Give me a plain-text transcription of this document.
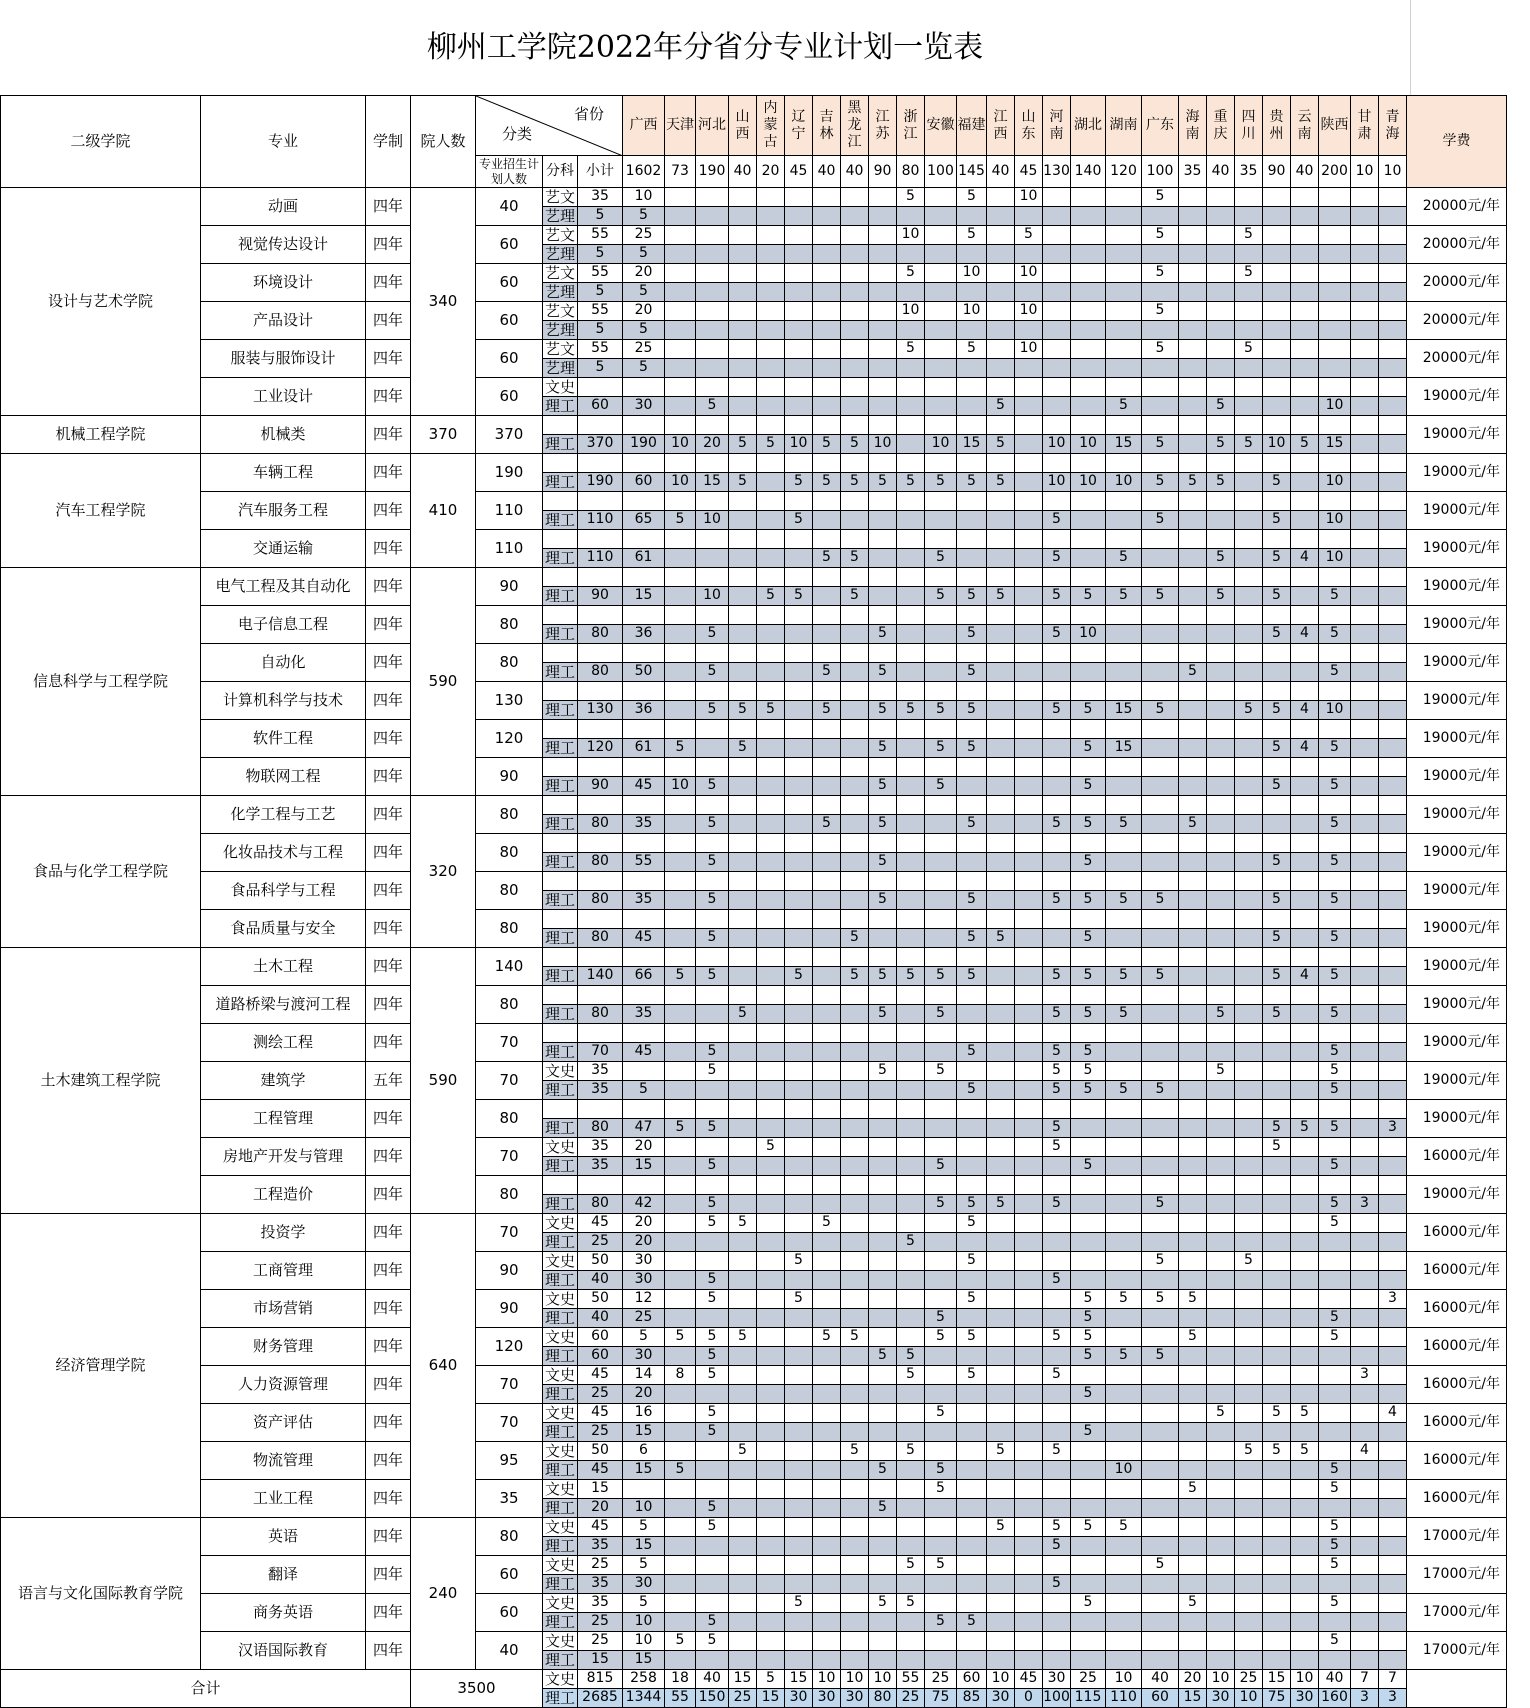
柳州工学院2022年分省分专业计划一览表
二级学院	专业	学制	院人数	省份
分类			广西	天津	河北	山西	内蒙古	辽宁	吉林	黑龙江	江苏	浙江	安徽	福建	江西	山东	河南	湖北	湖南	广东	海南	重庆	四川	贵州	云南	陕西	甘肃	青海	学费
				专业招生计划人数	分科	小计	1602	73	190	40	20	45	40	40	90	80	100	145	40	45	130	140	120	100	35	40	35	90	40	200	10	10	
设计与艺术学院	动画	四年	340	40	艺文	35	10									5		5		10				5									20000元/年
					艺理	5	5																										
	视觉传达设计	四年		60	艺文	55	25									10		5		5				5			5						20000元/年
					艺理	5	5																										
	环境设计	四年		60	艺文	55	20									5		10		10				5			5						20000元/年
					艺理	5	5																										
	产品设计	四年		60	艺文	55	20									10		10		10				5									20000元/年
					艺理	5	5																										
	服装与服饰设计	四年		60	艺文	55	25									5		5		10				5			5						20000元/年
					艺理	5	5																										
	工业设计	四年		60	文史																												19000元/年
					理工	60	30		5										5				5			5				10			
机械工程学院	机械类	四年	370	370																													19000元/年
					理工	370	190	10	20	5	5	10	5	5	10		10	15	5		10	10	15	5		5	5	10	5	15			
汽车工程学院	车辆工程	四年	410	190																													19000元/年
					理工	190	60	10	15	5		5	5	5	5	5	5	5	5		10	10	10	5	5	5		5		10			
	汽车服务工程	四年		110																													19000元/年
					理工	110	65	5	10			5									5			5				5		10			
	交通运输	四年		110																													19000元/年
					理工	110	61						5	5			5				5		5			5		5	4	10			
信息科学与工程学院	电气工程及其自动化	四年	590	90																													19000元/年
					理工	90	15		10		5	5		5			5	5	5		5	5	5	5		5		5		5			
	电子信息工程	四年		80																													19000元/年
					理工	80	36		5						5			5			5	10						5	4	5			
	自动化	四年		80																													19000元/年
					理工	80	50		5				5		5			5							5					5			
	计算机科学与技术	四年		130																													19000元/年
					理工	130	36		5	5	5		5		5	5	5	5			5	5	15	5			5	5	4	10			
	软件工程	四年		120																													19000元/年
					理工	120	61	5		5					5		5	5				5	15					5	4	5			
	物联网工程	四年		90																													19000元/年
					理工	90	45	10	5						5		5					5						5		5			
食品与化学工程学院	化学工程与工艺	四年	320	80																													19000元/年
					理工	80	35		5				5		5			5			5	5	5		5					5			
	化妆品技术与工程	四年		80																													19000元/年
					理工	80	55		5						5							5						5		5			
	食品科学与工程	四年		80																													19000元/年
					理工	80	35		5						5			5			5	5	5	5				5		5			
	食品质量与安全	四年		80																													19000元/年
					理工	80	45		5					5				5	5			5						5		5			
土木建筑工程学院	土木工程	四年	590	140																													19000元/年
					理工	140	66	5	5			5		5	5	5	5	5			5	5	5	5				5	4	5			
	道路桥梁与渡河工程	四年		80																													19000元/年
					理工	80	35			5					5		5				5	5	5			5		5		5			
	测绘工程	四年		70																													19000元/年
					理工	70	45		5									5			5	5								5			
	建筑学	五年		70	文史	35			5						5		5				5	5				5				5			19000元/年
					理工	35	5											5			5	5	5	5						5			
	工程管理	四年		80																													19000元/年
					理工	80	47	5	5												5							5	5	5		3	
	房地产开发与管理	四年		70	文史	35	20				5										5							5					16000元/年
					理工	35	15		5								5					5								5			
	工程造价	四年		80																													19000元/年
					理工	80	42		5								5	5	5		5			5						5	3		
经济管理学院	投资学	四年	640	70	文史	45	20		5	5			5					5												5			16000元/年
					理工	25	20									5																	
	工商管理	四年		90	文史	50	30					5						5						5			5						16000元/年
					理工	40	30		5												5												
	市场营销	四年		90	文史	50	12		5			5						5				5	5	5	5							3	16000元/年
					理工	40	25										5					5								5			
	财务管理	四年		120	文史	60	5	5	5	5			5	5			5	5			5	5			5					5			16000元/年
					理工	60	30		5						5	5						5	5	5									
	人力资源管理	四年		70	文史	45	14	8	5							5		5			5										3		16000元/年
					理工	25	20															5											
	资产评估	四年		70	文史	45	16		5								5									5		5	5			4	16000元/年
					理工	25	15		5													5											
	物流管理	四年		95	文史	50	6			5				5		5			5		5						5	5	5		4		16000元/年
					理工	45	15	5							5		5						10							5			
	工业工程	四年		35	文史	15											5								5					5			16000元/年
					理工	20	10		5						5																		
语言与文化国际教育学院	英语	四年	240	80	文史	45	5		5										5		5	5	5							5			17000元/年
					理工	35	15														5									5			
	翻译	四年		60	文史	25	5									5	5							5						5			17000元/年
					理工	35	30														5												
	商务英语	四年		60	文史	35	5					5			5	5						5			5					5			17000元/年
					理工	25	10		5								5	5															
	汉语国际教育	四年		40	文史	25	10	5	5																					5			17000元/年
					理工	15	15																										
合计			3500		文史	815	258	18	40	15	5	15	10	10	10	55	25	60	10	45	30	25	10	40	20	10	25	15	10	40	7	7	
					理工	2685	1344	55	150	25	15	30	30	30	80	25	75	85	30	0	100	115	110	60	15	30	10	75	30	160	3	3	
